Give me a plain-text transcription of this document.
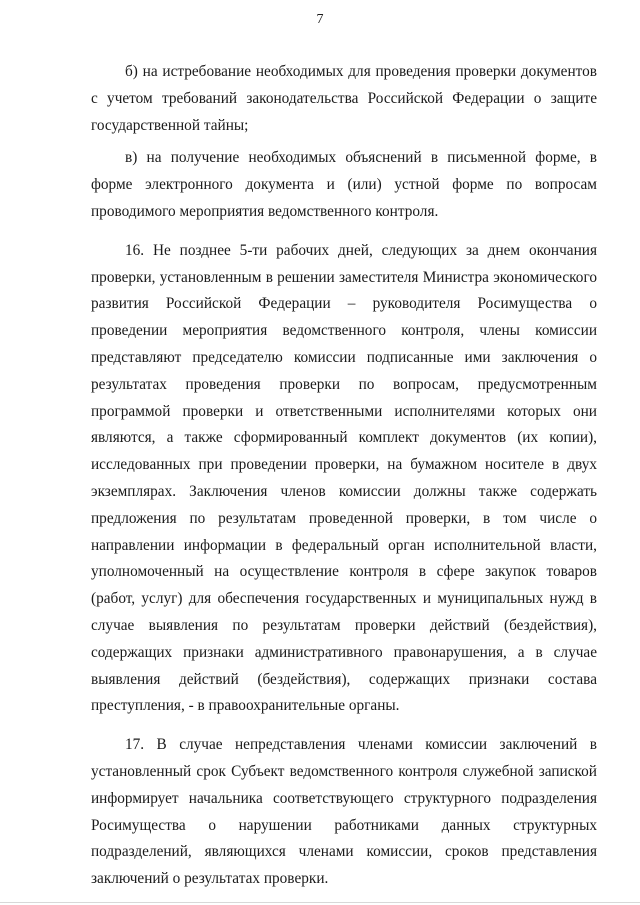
7

б) на истребование необходимых для проведения проверки документов с учетом требований законодательства Российской Федерации о защите государственной тайны;

в) на получение необходимых объяснений в письменной форме, в форме электронного документа и (или) устной форме по вопросам проводимого мероприятия ведомственного контроля.

16. Не позднее 5-ти рабочих дней, следующих за днем окончания проверки, установленным в решении заместителя Министра экономического развития Российской Федерации – руководителя Росимущества о проведении мероприятия ведомственного контроля, члены комиссии представляют председателю комиссии подписанные ими заключения о результатах проведения проверки по вопросам, предусмотренным программой проверки и ответственными исполнителями которых они являются, а также сформированный комплект документов (их копии), исследованных при проведении проверки, на бумажном носителе в двух экземплярах. Заключения членов комиссии должны также содержать предложения по результатам проведенной проверки, в том числе о направлении информации в федеральный орган исполнительной власти, уполномоченный на осуществление контроля в сфере закупок товаров (работ, услуг) для обеспечения государственных и муниципальных нужд в случае выявления по результатам проверки действий (бездействия), содержащих признаки административного правонарушения, а в случае выявления действий (бездействия), содержащих признаки состава преступления, - в правоохранительные органы.

17. В случае непредставления членами комиссии заключений в установленный срок Субъект ведомственного контроля служебной запиской информирует начальника соответствующего структурного подразделения Росимущества о нарушении работниками данных структурных подразделений, являющихся членами комиссии, сроков представления заключений о результатах проверки.
